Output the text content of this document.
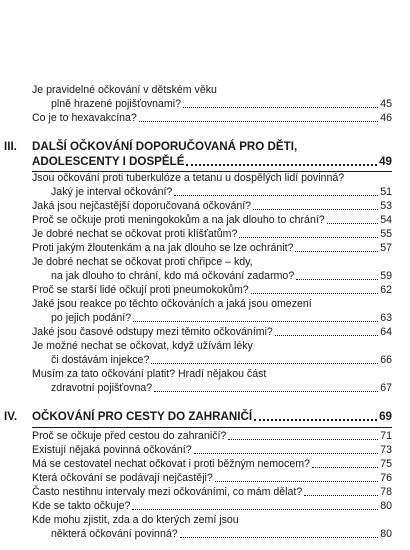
Je pravidelné očkování v dětském věku
plně hrazené pojišťovnami?	45
Co je to hexavakcína?	46
III. DALŠÍ OČKOVÁNÍ DOPORUČOVANÁ PRO DĚTI,
ADOLESCENTY I DOSPĚLÉ	49
Jsou očkování proti tuberkulóze a tetanu u dospělých lidí povinná?
Jaký je interval očkování?	51
Jaká jsou nejčastější doporučovaná očkování?	53
Proč se očkuje proti meningokokům a na jak dlouho to chrání?	54
Je dobré nechat se očkovat proti klíšťatům?	55
Proti jakým žloutenkám a na jak dlouho se lze ochránit?	57
Je dobré nechat se očkovat proti chřipce – kdy,
na jak dlouho to chrání, kdo má očkování zadarmo?	59
Proč se starší lidé očkují proti pneumokokům?	62
Jaké jsou reakce po těchto očkováních a jaká jsou omezení
po jejich podání?	63
Jaké jsou časové odstupy mezi těmito očkováními?	64
Je možné nechat se očkovat, když užívám léky
či dostávám injekce?	66
Musím za tato očkování platit? Hradí nějakou část
zdravotní pojišťovna?	67
IV. OČKOVÁNÍ PRO CESTY DO ZAHRANIČÍ	69
Proč se očkuje před cestou do zahraničí?	71
Existují nějaká povinná očkování?	73
Má se cestovatel nechat očkovat i proti běžným nemocem?	75
Která očkování se podávají nejčastěji?	76
Často nestihnu intervaly mezi očkováními, co mám dělat?	78
Kde se takto očkuje?	80
Kde mohu zjistit, zda a do kterých zemí jsou
některá očkování povinná?	80
